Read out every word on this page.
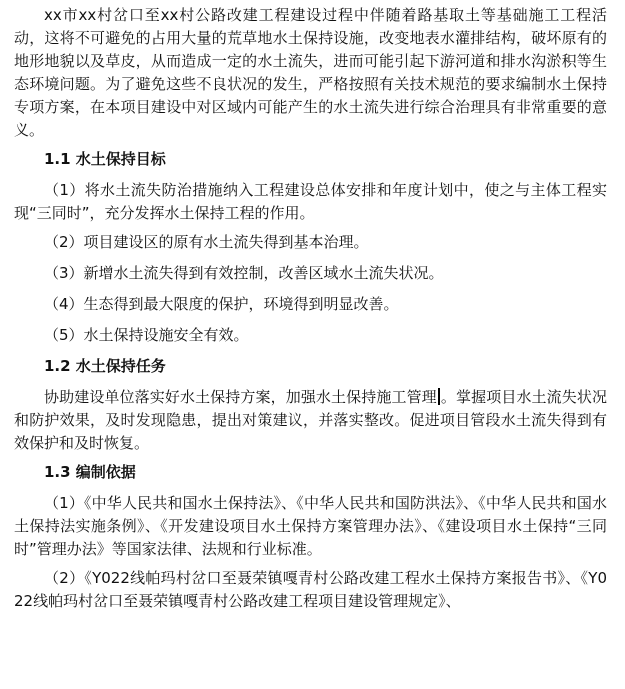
xx市xx村岔口至xx村公路改建工程建设过程中伴随着路基取土等基础施工工程活动，这将不可避免的占用大量的荒草地水土保持设施，改变地表水灌排结构，破坏原有的地形地貌以及草皮，从而造成一定的水土流失，进而可能引起下游河道和排水沟淤积等生态环境问题。为了避免这些不良状况的发生，严格按照有关技术规范的要求编制水土保持专项方案，在本项目建设中对区域内可能产生的水土流失进行综合治理具有非常重要的意义。

1.1 水土保持目标

（1）将水土流失防治措施纳入工程建设总体安排和年度计划中，使之与主体工程实现“三同时”，充分发挥水土保持工程的作用。

（2）项目建设区的原有水土流失得到基本治理。
（3）新增水土流失得到有效控制，改善区域水土流失状况。
（4）生态得到最大限度的保护，环境得到明显改善。
（5）水土保持设施安全有效。
1.2 水土保持任务

协助建设单位落实好水土保持方案，加强水土保持施工管理 。掌握项目水土流失状况和防护效果，及时发现隐患，提出对策建议，并落实整改。促进项目管段水土流失得到有效保护和及时恢复。

1.3 编制依据

（1）《中华人民共和国水土保持法》、《中华人民共和国防洪法》、《中华人民共和国水土保持法实施条例》、《开发建设项目水土保持方案管理办法》、《建设项目水土保持“三同时”管理办法》等国家法律、法规和行业标准。

（2）《Y022线帕玛村岔口至聂荣镇嘎青村公路改建工程水土保持方案报告书》、《Y022线帕玛村岔口至聂荣镇嘎青村公路改建工程项目建设管理规定》、
